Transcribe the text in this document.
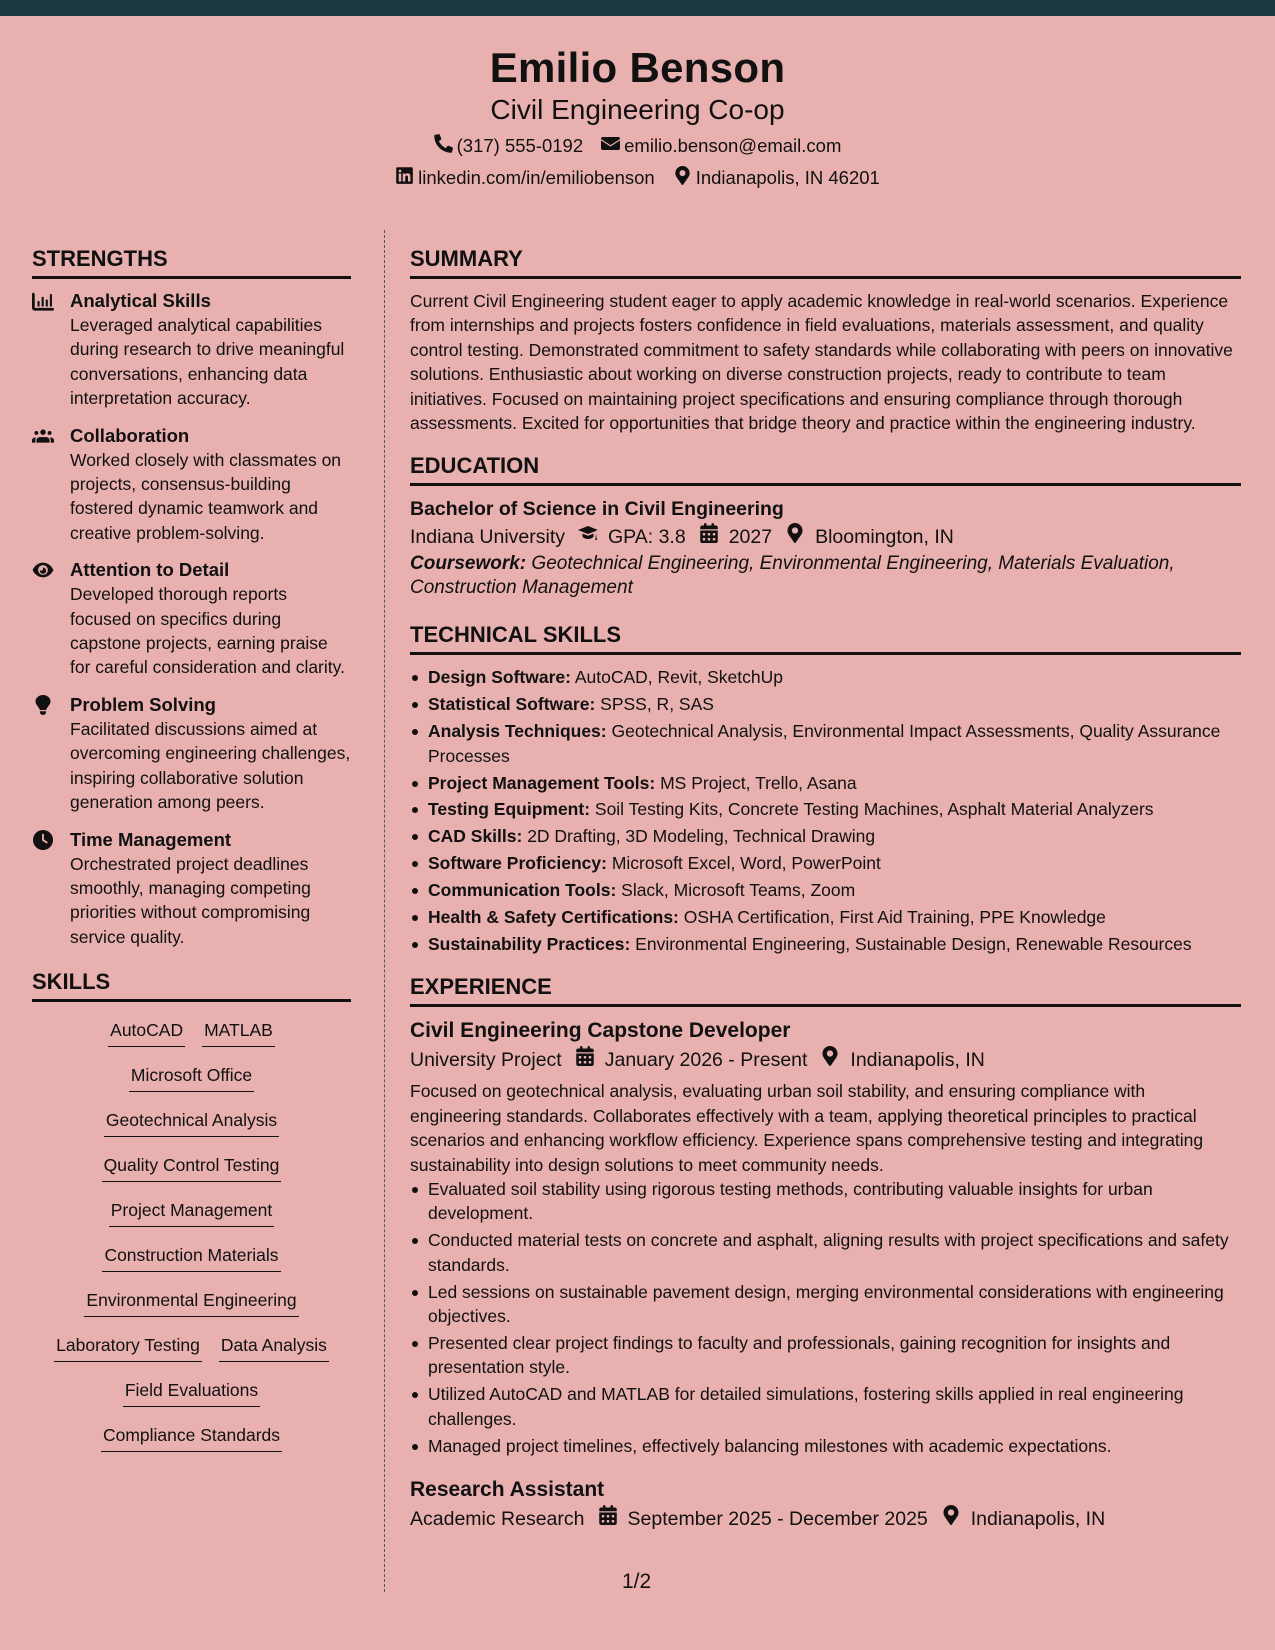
Emilio Benson
Civil Engineering Co-op
(317) 555-0192 emilio.benson@email.com
linkedin.com/in/emiliobenson Indianapolis, IN 46201
STRENGTHS
Analytical Skills
Leveraged analytical capabilities during research to drive meaningful conversations, enhancing data interpretation accuracy.
Collaboration
Worked closely with classmates on projects, consensus-building fostered dynamic teamwork and creative problem-solving.
Attention to Detail
Developed thorough reports focused on specifics during capstone projects, earning praise for careful consideration and clarity.
Problem Solving
Facilitated discussions aimed at overcoming engineering challenges, inspiring collaborative solution generation among peers.
Time Management
Orchestrated project deadlines smoothly, managing competing priorities without compromising service quality.
SKILLS
AutoCAD MATLAB
Microsoft Office
Geotechnical Analysis
Quality Control Testing
Project Management
Construction Materials
Environmental Engineering
Laboratory Testing Data Analysis
Field Evaluations
Compliance Standards
SUMMARY
Current Civil Engineering student eager to apply academic knowledge in real-world scenarios. Experience from internships and projects fosters confidence in field evaluations, materials assessment, and quality control testing. Demonstrated commitment to safety standards while collaborating with peers on innovative solutions. Enthusiastic about working on diverse construction projects, ready to contribute to team initiatives. Focused on maintaining project specifications and ensuring compliance through thorough assessments. Excited for opportunities that bridge theory and practice within the engineering industry.
EDUCATION
Bachelor of Science in Civil Engineering
Indiana University GPA: 3.8 2027 Bloomington, IN
Coursework: Geotechnical Engineering, Environmental Engineering, Materials Evaluation, Construction Management
TECHNICAL SKILLS
Design Software: AutoCAD, Revit, SketchUp
Statistical Software: SPSS, R, SAS
Analysis Techniques: Geotechnical Analysis, Environmental Impact Assessments, Quality Assurance Processes
Project Management Tools: MS Project, Trello, Asana
Testing Equipment: Soil Testing Kits, Concrete Testing Machines, Asphalt Material Analyzers
CAD Skills: 2D Drafting, 3D Modeling, Technical Drawing
Software Proficiency: Microsoft Excel, Word, PowerPoint
Communication Tools: Slack, Microsoft Teams, Zoom
Health & Safety Certifications: OSHA Certification, First Aid Training, PPE Knowledge
Sustainability Practices: Environmental Engineering, Sustainable Design, Renewable Resources
EXPERIENCE
Civil Engineering Capstone Developer
University Project January 2026 - Present Indianapolis, IN
Focused on geotechnical analysis, evaluating urban soil stability, and ensuring compliance with engineering standards. Collaborates effectively with a team, applying theoretical principles to practical scenarios and enhancing workflow efficiency. Experience spans comprehensive testing and integrating sustainability into design solutions to meet community needs.
Evaluated soil stability using rigorous testing methods, contributing valuable insights for urban development.
Conducted material tests on concrete and asphalt, aligning results with project specifications and safety standards.
Led sessions on sustainable pavement design, merging environmental considerations with engineering objectives.
Presented clear project findings to faculty and professionals, gaining recognition for insights and presentation style.
Utilized AutoCAD and MATLAB for detailed simulations, fostering skills applied in real engineering challenges.
Managed project timelines, effectively balancing milestones with academic expectations.
Research Assistant
Academic Research September 2025 - December 2025 Indianapolis, IN
1/2
